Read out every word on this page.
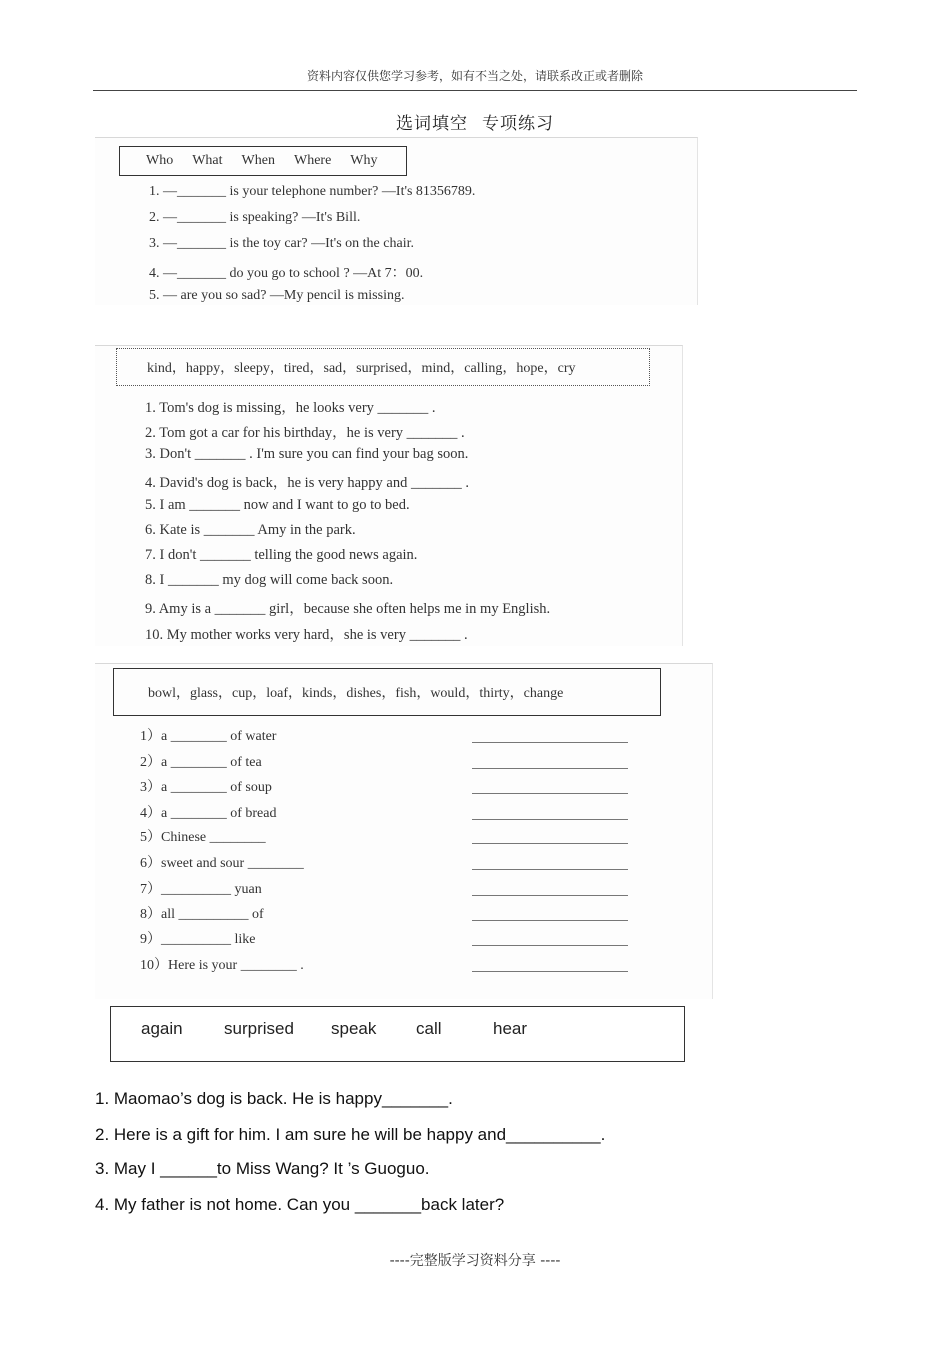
资料内容仅供您学习参考，如有不当之处，请联系改正或者删除
选词填空 专项练习
Who What When Where Why
1. —_______ is your telephone number? —It's 81356789.
2. —_______ is speaking? —It's Bill.
3. —_______ is the toy car? —It's on the chair.
4. —_______ do you go to school ? —At 7：00.
5. — are you so sad? —My pencil is missing.
kind，happy，sleepy，tired，sad，surprised，mind，calling，hope，cry
1. Tom's dog is missing，he looks very _______ .
2. Tom got a car for his birthday，he is very _______ .
3. Don't _______ . I'm sure you can find your bag soon.
4. David's dog is back，he is very happy and _______ .
5. I am _______ now and I want to go to bed.
6. Kate is _______ Amy in the park.
7. I don't _______ telling the good news again.
8. I _______ my dog will come back soon.
9. Amy is a _______ girl，because she often helps me in my English.
10. My mother works very hard，she is very _______ .
bowl，glass，cup，loaf，kinds，dishes，fish，would，thirty，change
1）a ________ of water
2）a ________ of tea
3）a ________ of soup
4）a ________ of bread
5）Chinese ________
6）sweet and sour ________
7）__________ yuan
8）all __________ of
9）__________ like
10）Here is your ________ .
again surprised speak call	hear
1. Maomao’s dog is back. He is happy_______.
2. Here is a gift for him. I am sure he will be happy and__________.
3. May I ______to Miss Wang? It ’s Guoguo.
4. My father is not home. Can you _______back later?
----完整版学习资料分享 ----
